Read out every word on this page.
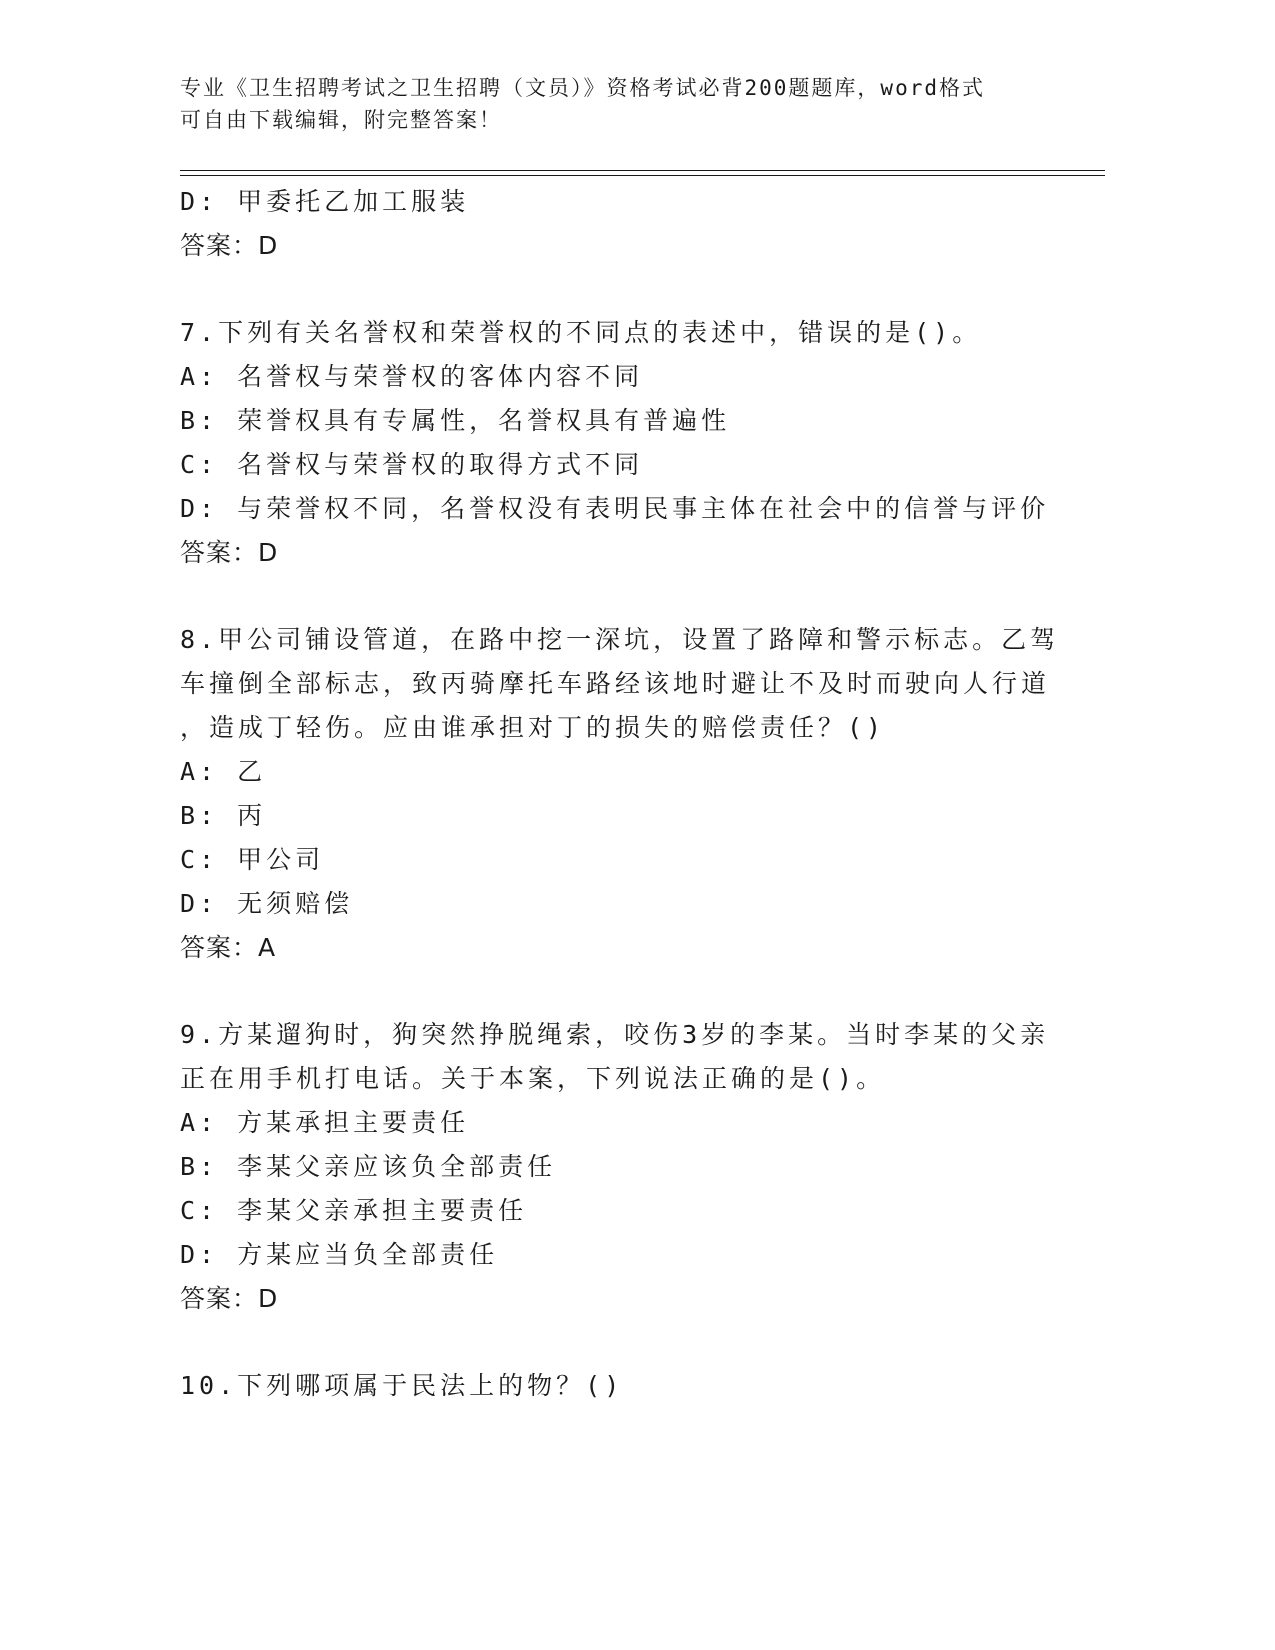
专业《卫生招聘考试之卫生招聘（文员）》资格考试必背200题题库，word格式
可自由下载编辑，附完整答案！
D: 甲委托乙加工服装
答案：D
7.下列有关名誉权和荣誉权的不同点的表述中，错误的是()。
A: 名誉权与荣誉权的客体内容不同
B: 荣誉权具有专属性，名誉权具有普遍性
C: 名誉权与荣誉权的取得方式不同
D: 与荣誉权不同，名誉权没有表明民事主体在社会中的信誉与评价
答案：D
8.甲公司铺设管道，在路中挖一深坑，设置了路障和警示标志。乙驾
车撞倒全部标志，致丙骑摩托车路经该地时避让不及时而驶向人行道
，造成丁轻伤。应由谁承担对丁的损失的赔偿责任？()
A: 乙
B: 丙
C: 甲公司
D: 无须赔偿
答案：A
9.方某遛狗时，狗突然挣脱绳索，咬伤3岁的李某。当时李某的父亲
正在用手机打电话。关于本案，下列说法正确的是()。
A: 方某承担主要责任
B: 李某父亲应该负全部责任
C: 李某父亲承担主要责任
D: 方某应当负全部责任
答案：D
10.下列哪项属于民法上的物？()
